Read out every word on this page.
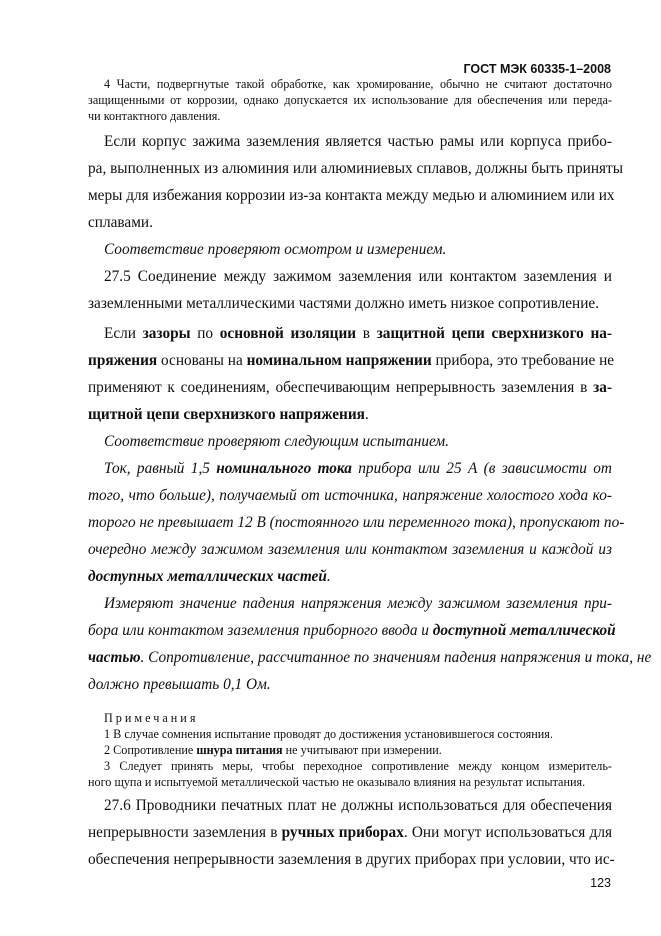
ГОСТ МЭК 60335-1–2008
4 Части, подвергнутые такой обработке, как хромирование, обычно не считают достаточно
защищенными от коррозии, однако допускается их использование для обеспечения или переда-
чи контактного давления.
Если корпус зажима заземления является частью рамы или корпуса прибо-
ра, выполненных из алюминия или алюминиевых сплавов, должны быть приняты
меры для избежания коррозии из-за контакта между медью и алюминием или их
сплавами.
Соответствие проверяют осмотром и измерением.
27.5 Соединение между зажимом заземления или контактом заземления и
заземленными металлическими частями должно иметь низкое сопротивление.
Если зазоры по основной изоляции в защитной цепи сверхнизкого на-
пряжения основаны на номинальном напряжении прибора, это требование не
применяют к соединениям, обеспечивающим непрерывность заземления в за-
щитной цепи сверхнизкого напряжения.
Соответствие проверяют следующим испытанием.
Ток, равный 1,5 номинального тока прибора или 25 А (в зависимости от
того, что больше), получаемый от источника, напряжение холостого хода ко-
торого не превышает 12 В (постоянного или переменного тока), пропускают по-
очередно между зажимом заземления или контактом заземления и каждой из
доступных металлических частей.
Измеряют значение падения напряжения между зажимом заземления при-
бора или контактом заземления приборного ввода и доступной металлической
частью. Сопротивление, рассчитанное по значениям падения напряжения и тока, не
должно превышать 0,1 Ом.
Примечания
1 В случае сомнения испытание проводят до достижения установившегося состояния.
2 Сопротивление шнура питания не учитывают при измерении.
3 Следует принять меры, чтобы переходное сопротивление между концом измеритель-
ного щупа и испытуемой металлической частью не оказывало влияния на результат испытания.
27.6 Проводники печатных плат не должны использоваться для обеспечения
непрерывности заземления в ручных приборах. Они могут использоваться для
обеспечения непрерывности заземления в других приборах при условии, что ис-
123
